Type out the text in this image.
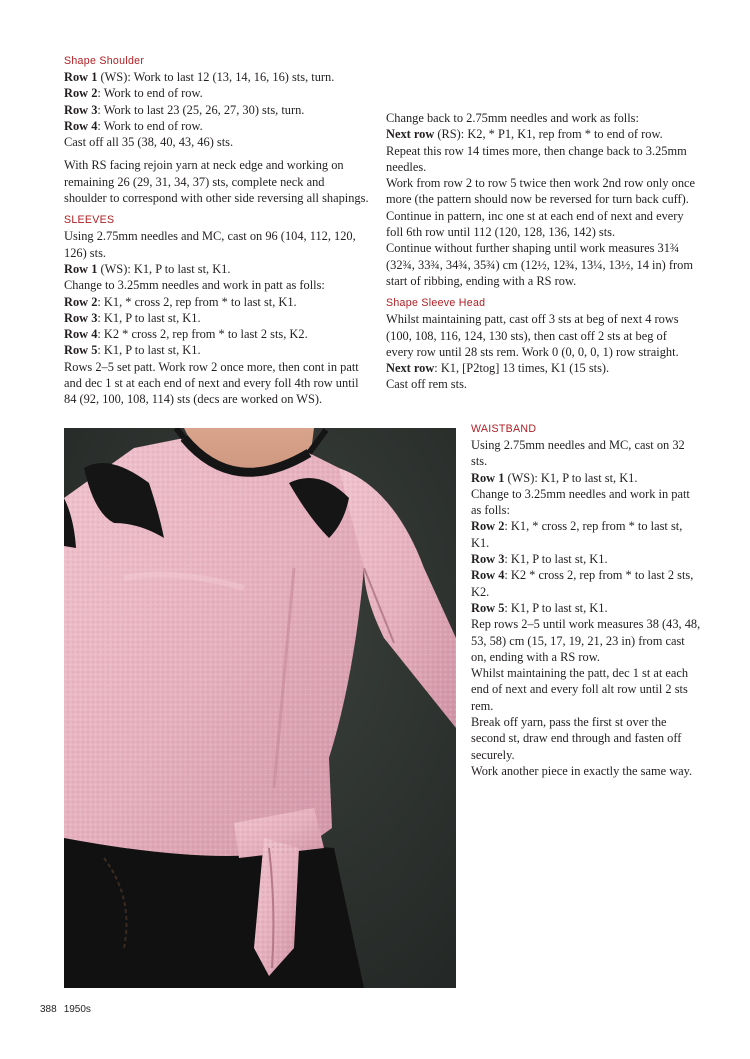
Shape Shoulder

Row 1 (WS): Work to last 12 (13, 14, 16, 16) sts, turn.

Row 2: Work to end of row.

Row 3: Work to last 23 (25, 26, 27, 30) sts, turn.

Row 4: Work to end of row.

Cast off all 35 (38, 40, 43, 46) sts.

With RS facing rejoin yarn at neck edge and working on remaining 26 (29, 31, 34, 37) sts, complete neck and shoulder to correspond with other side reversing all shapings.

SLEEVES

Using 2.75mm needles and MC, cast on 96 (104, 112, 120, 126) sts.

Row 1 (WS): K1, P to last st, K1.

Change to 3.25mm needles and work in patt as folls:

Row 2: K1, * cross 2, rep from * to last st, K1.

Row 3: K1, P to last st, K1.

Row 4: K2 * cross 2, rep from * to last 2 sts, K2.

Row 5: K1, P to last st, K1.

Rows 2–5 set patt. Work row 2 once more, then cont in patt and dec 1 st at each end of next and every foll 4th row until 84 (92, 100, 108, 114) sts (decs are worked on WS).

Change back to 2.75mm needles and work as folls:

Next row (RS): K2, * P1, K1, rep from * to end of row.

Repeat this row 14 times more, then change back to 3.25mm needles.

Work from row 2 to row 5 twice then work 2nd row only once more (the pattern should now be reversed for turn back cuff).

Continue in pattern, inc one st at each end of next and every foll 6th row until 112 (120, 128, 136, 142) sts.

Continue without further shaping until work measures 31¾ (32¾, 33¾, 34¾, 35¾) cm (12½, 12¾, 13¼, 13½, 14 in) from start of ribbing, ending with a RS row.

Shape Sleeve Head

Whilst maintaining patt, cast off 3 sts at beg of next 4 rows (100, 108, 116, 124, 130 sts), then cast off 2 sts at beg of every row until 28 sts rem. Work 0 (0, 0, 0, 1) row straight.

Next row: K1, [P2tog] 13 times, K1 (15 sts).

Cast off rem sts.

WAISTBAND

Using 2.75mm needles and MC, cast on 32 sts.

Row 1 (WS): K1, P to last st, K1.

Change to 3.25mm needles and work in patt as folls:

Row 2: K1, * cross 2, rep from * to last st, K1.

Row 3: K1, P to last st, K1.

Row 4: K2 * cross 2, rep from * to last 2 sts, K2.

Row 5: K1, P to last st, K1.

Rep rows 2–5 until work measures 38 (43, 48, 53, 58) cm (15, 17, 19, 21, 23 in) from cast on, ending with a RS row.

Whilst maintaining the patt, dec 1 st at each end of next and every foll alt row until 2 sts rem.

Break off yarn, pass the first st over the second st, draw end through and fasten off securely.

Work another piece in exactly the same way.

388 1950s
